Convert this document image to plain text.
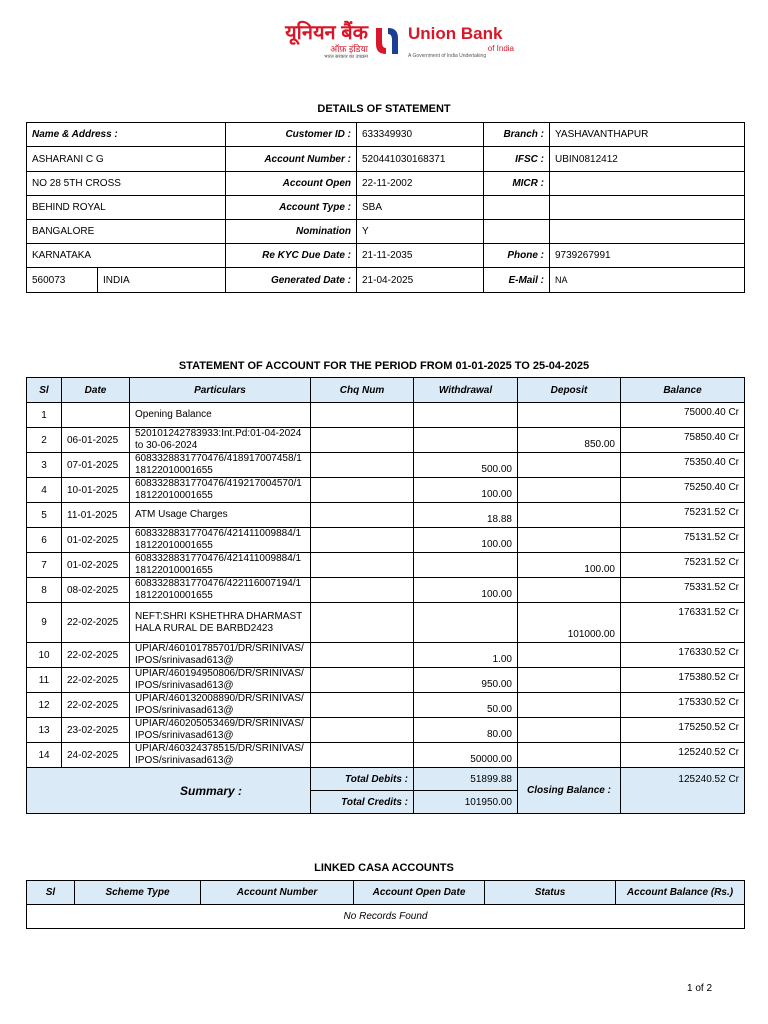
यूनियन बैंक
ऑफ़ इंडिया
भारत सरकार का उपक्रम
Union Bank
of India
A Government of India Undertaking
DETAILS OF STATEMENT
Name & Address :		Customer ID :	633349930	Branch :	YASHAVANTHAPUR
ASHARANI C G		Account Number :	520441030168371	IFSC :	UBIN0812412
NO 28 5TH CROSS		Account Open	22-11-2002	MICR :	
BEHIND ROYAL		Account Type :	SBA		
BANGALORE		Nomination	Y		
KARNATAKA		Re KYC Due Date :	21-11-2035	Phone :	9739267991
560073	INDIA	Generated Date :	21-04-2025	E-Mail :	NA
STATEMENT OF ACCOUNT FOR THE PERIOD FROM 01-01-2025 TO 25-04-2025
Sl	Date	Particulars	Chq Num	Withdrawal	Deposit	Balance
1		Opening Balance				75000.40 Cr
2	06-01-2025	520101242783933:Int.Pd:01-04-2024 to 30-06-2024			850.00	75850.40 Cr
3	07-01-2025	6083328831770476/418917007458/118122010001655		500.00		75350.40 Cr
4	10-01-2025	6083328831770476/419217004570/118122010001655		100.00		75250.40 Cr
5	11-01-2025	ATM Usage Charges		18.88		75231.52 Cr
6	01-02-2025	6083328831770476/421411009884/118122010001655		100.00		75131.52 Cr
7	01-02-2025	6083328831770476/421411009884/118122010001655			100.00	75231.52 Cr
8	08-02-2025	6083328831770476/422116007194/118122010001655		100.00		75331.52 Cr
9	22-02-2025	NEFT:SHRI KSHETHRA DHARMASTHALA RURAL DE BARBD2423			101000.00	176331.52 Cr
10	22-02-2025	UPIAR/460101785701/DR/SRINIVAS/IPOS/srinivasad613@		1.00		176330.52 Cr
11	22-02-2025	UPIAR/460194950806/DR/SRINIVAS/IPOS/srinivasad613@		950.00		175380.52 Cr
12	22-02-2025	UPIAR/460132008890/DR/SRINIVAS/IPOS/srinivasad613@		50.00		175330.52 Cr
13	23-02-2025	UPIAR/460205053469/DR/SRINIVAS/IPOS/srinivasad613@		80.00		175250.52 Cr
14	24-02-2025	UPIAR/460324378515/DR/SRINIVAS/IPOS/srinivasad613@		50000.00		125240.52 Cr
Summary :			Total Debits :	51899.88	Closing Balance :	125240.52 Cr
			Total Credits :	101950.00		
LINKED CASA ACCOUNTS
Sl	Scheme Type	Account Number	Account Open Date	Status	Account Balance (Rs.)
No Records Found
1 of 2
